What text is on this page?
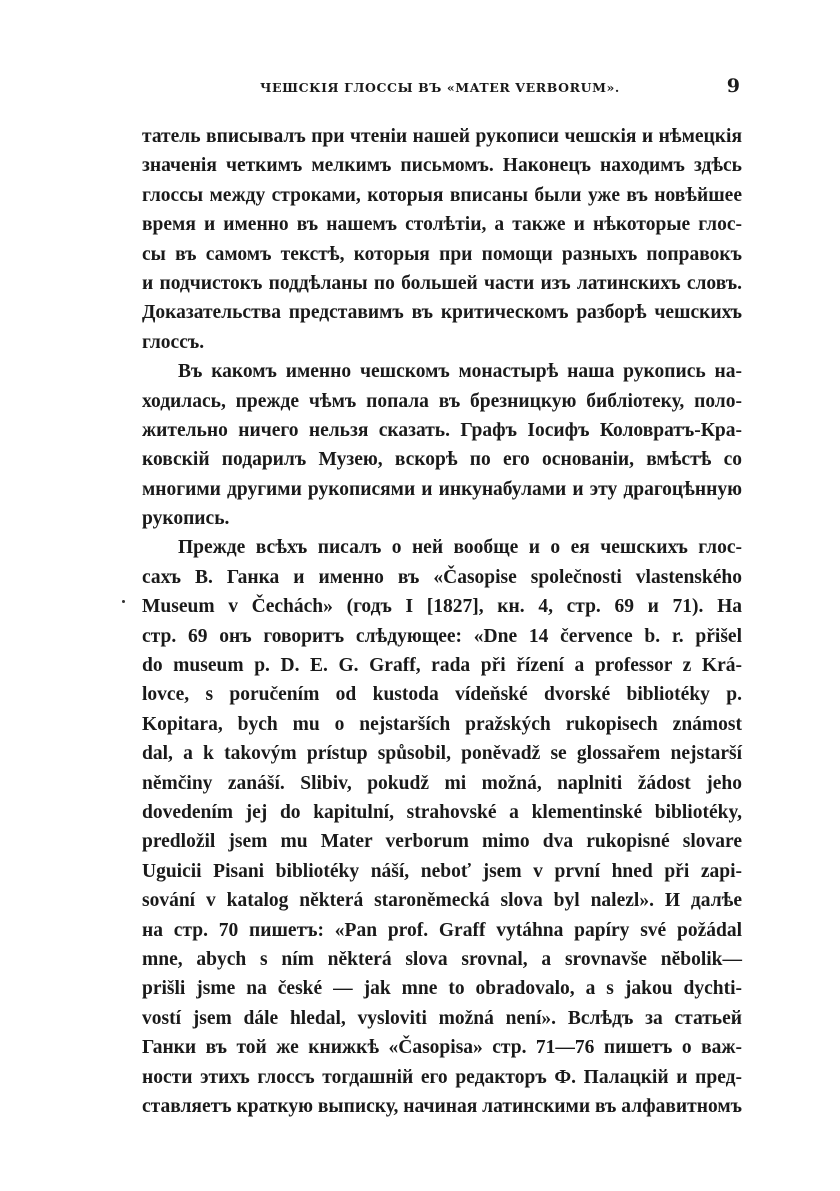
ЧЕШСКІЯ ГЛОССЫ ВЪ «MATER VERBORUM».	9
татель вписывалъ при чтеніи нашей рукописи чешскія и нѣмецкія
значенія четкимъ мелкимъ письмомъ. Наконецъ находимъ здѣсь
глоссы между строками, которыя вписаны были уже въ новѣйшее
время и именно въ нашемъ столѣтіи, а также и нѣкоторые глос-
сы въ самомъ текстѣ, которыя при помощи разныхъ поправокъ
и подчистокъ поддѣланы по большей части изъ латинскихъ словъ.
Доказательства представимъ въ критическомъ разборѣ чешскихъ
глоссъ.
Въ какомъ именно чешскомъ монастырѣ наша рукопись на-
ходилась, прежде чѣмъ попала въ брезницкую библіотеку, поло-
жительно ничего нельзя сказать. Графъ Іосифъ Коловратъ-Кра-
ковскій подарилъ Музею, вскорѣ по его основаніи, вмѣстѣ со
многими другими рукописями и инкунабулами и эту драгоцѣнную
рукопись.
Прежде всѣхъ писалъ о ней вообще и о ея чешскихъ глос-
сахъ В. Ганка и именно въ «Časopise společnosti vlastenského
Museum v Čechách» (годъ I [1827], кн. 4, стр. 69 и 71). На
стр. 69 онъ говоритъ слѣдующее: «Dne 14 července b. r. přišel
do museum p. D. E. G. Graff, rada při řízení a professor z Krá-
lovce, s poručením od kustoda vídeňské dvorské bibliotéky p.
Kopitara, bych mu o nejstarších pražských rukopisech známost
dal, a k takovým prístup spůsobil, poněvadž se glossařem nejstarší
němčiny zanáší. Slibiv, pokudž mi možná, naplniti žádost jeho
dovedením jej do kapitulní, strahovské a klementinské bibliotéky,
predložil jsem mu Mater verborum mimo dva rukopisné slovare
Uguicii Pisani bibliotéky náší, neboť jsem v první hned při zapi-
sování v katalog některá staroněmecká slova byl nalezl». И далѣе
на стр. 70 пишетъ: «Pan prof. Graff vytáhna papíry své požádal
mne, abych s ním některá slova srovnal, a srovnavše nĕbolik—
prišli jsme na české — jak mne to obradovalo, a s jakou dychti-
vostí jsem dále hledal, vysloviti možná není». Вслѣдъ за статьей
Ганки въ той же книжкѣ «Časopisa» стр. 71—76 пишетъ о важ-
ности этихъ глоссъ тогдашній его редакторъ Ф. Палацкій и пред-
ставляетъ краткую выписку, начиная латинскими въ алфавитномъ
